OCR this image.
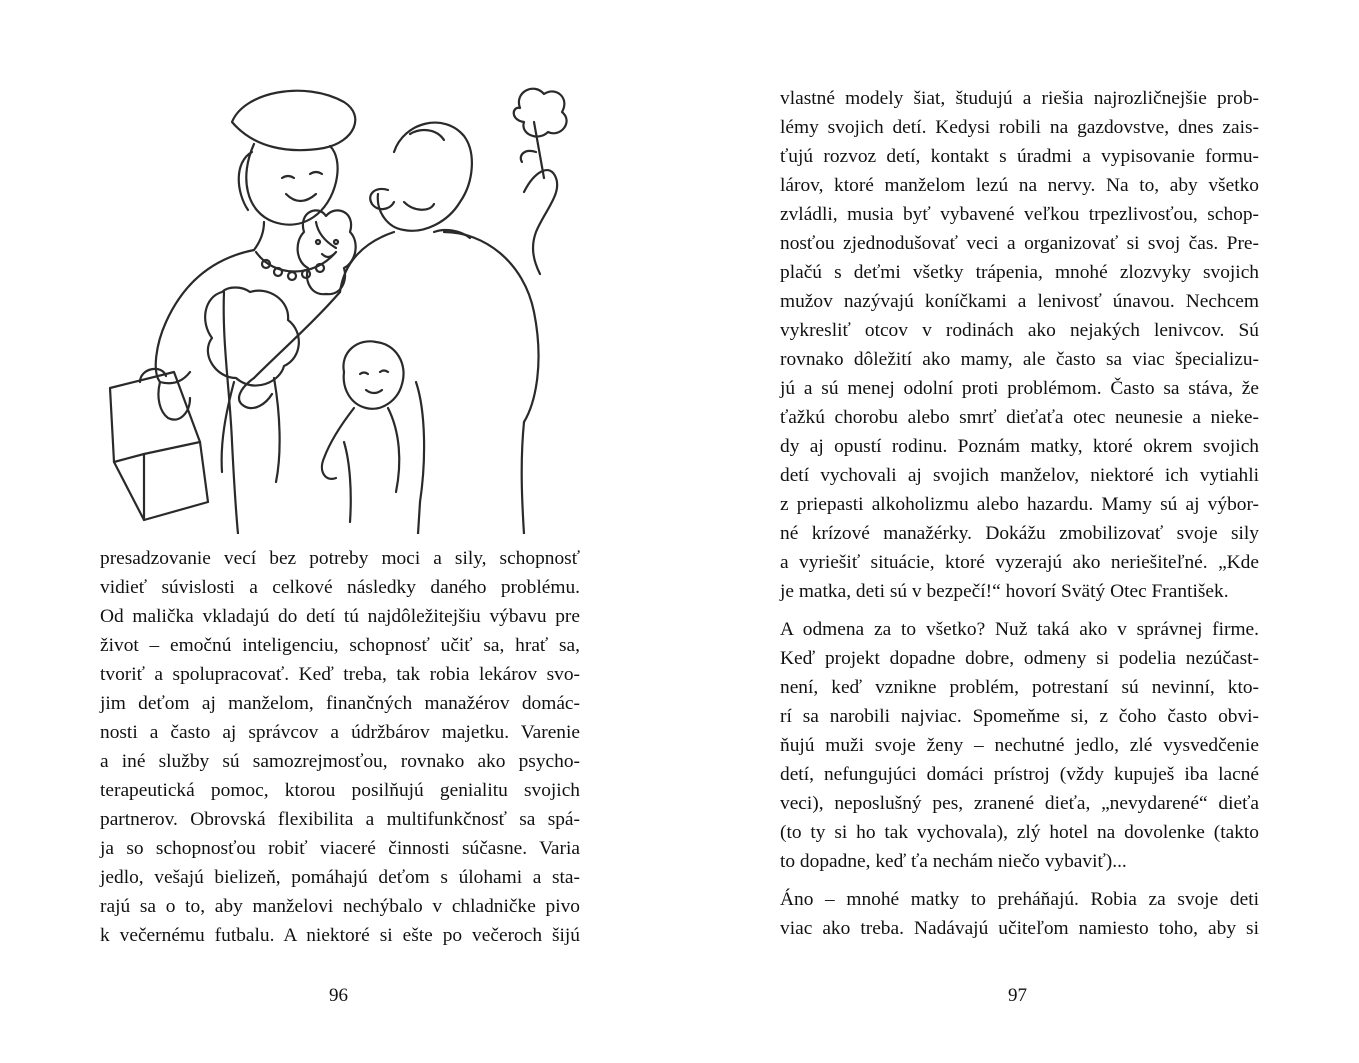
presadzovanie vecí bez potreby moci a sily, schopnosť
vidieť súvislosti a celkové následky daného problému.
Od malička vkladajú do detí tú najdôležitejšiu výbavu pre
život – emočnú inteligenciu, schopnosť učiť sa, hrať sa,
tvoriť a spolupracovať. Keď treba, tak robia lekárov svo-
jim deťom aj manželom, finančných manažérov domác-
nosti a často aj správcov a údržbárov majetku. Varenie
a iné služby sú samozrejmosťou, rovnako ako psycho-
terapeutická pomoc, ktorou posilňujú genialitu svojich
partnerov. Obrovská flexibilita a multifunkčnosť sa spá-
ja so schopnosťou robiť viaceré činnosti súčasne. Varia
jedlo, vešajú bielizeň, pomáhajú deťom s úlohami a sta-
rajú sa o to, aby manželovi nechýbalo v chladničke pivo
k večernému futbalu. A niektoré si ešte po večeroch šijú

96

vlastné modely šiat, študujú a riešia najrozličnejšie prob-
lémy svojich detí. Kedysi robili na gazdovstve, dnes zais-
ťujú rozvoz detí, kontakt s úradmi a vypisovanie formu-
lárov, ktoré manželom lezú na nervy. Na to, aby všetko
zvládli, musia byť vybavené veľkou trpezlivosťou, schop-
nosťou zjednodušovať veci a organizovať si svoj čas. Pre-
plačú s deťmi všetky trápenia, mnohé zlozvyky svojich
mužov nazývajú koníčkami a lenivosť únavou. Nechcem
vykresliť otcov v rodinách ako nejakých lenivcov. Sú
rovnako dôležití ako mamy, ale často sa viac špecializu-
jú a sú menej odolní proti problémom. Často sa stáva, že
ťažkú chorobu alebo smrť dieťaťa otec neunesie a nieke-
dy aj opustí rodinu. Poznám matky, ktoré okrem svojich
detí vychovali aj svojich manželov, niektoré ich vytiahli
z priepasti alkoholizmu alebo hazardu. Mamy sú aj výbor-
né krízové manažérky. Dokážu zmobilizovať svoje sily
a vyriešiť situácie, ktoré vyzerajú ako neriešiteľné. „Kde
je matka, deti sú v bezpečí!“ hovorí Svätý Otec František.

A odmena za to všetko? Nuž taká ako v správnej firme.
Keď projekt dopadne dobre, odmeny si podelia nezúčast-
není, keď vznikne problém, potrestaní sú nevinní, kto-
rí sa narobili najviac. Spomeňme si, z čoho často obvi-
ňujú muži svoje ženy – nechutné jedlo, zlé vysvedčenie
detí, nefungujúci domáci prístroj (vždy kupuješ iba lacné
veci), neposlušný pes, zranené dieťa, „nevydarené“ dieťa
(to ty si ho tak vychovala), zlý hotel na dovolenke (takto
to dopadne, keď ťa nechám niečo vybaviť)...

Áno – mnohé matky to preháňajú. Robia za svoje deti
viac ako treba. Nadávajú učiteľom namiesto toho, aby si

97
